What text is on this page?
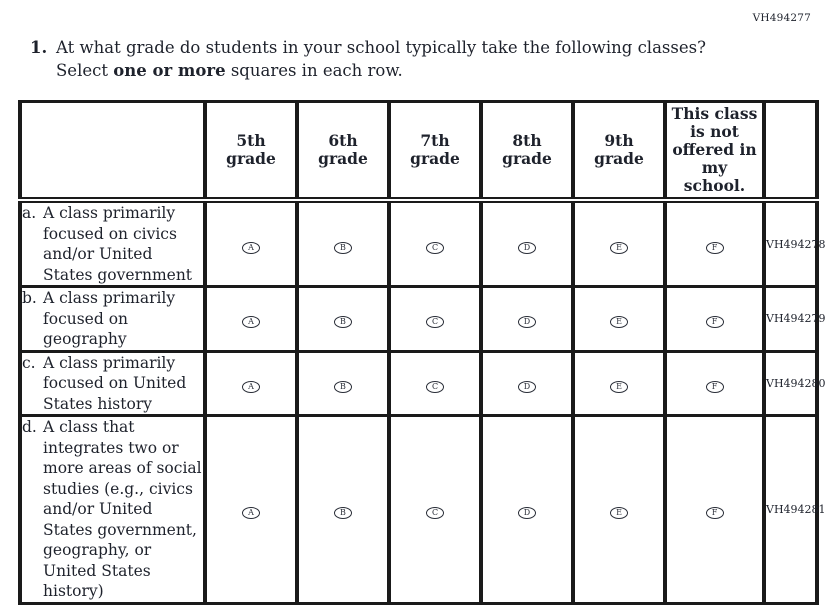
VH494277
1. At what grade do students in your school typically take the following classes? Select one or more squares in each row.
	5th grade	6th grade	7th grade	8th grade	9th grade	This class is not offered in my school.	

a. A class primarily focused on civics and/or United States government	A	B	C	D	E	F	VH494278

b. A class primarily focused on geography	A	B	C	D	E	F	VH494279

c. A class primarily focused on United States history	A	B	C	D	E	F	VH494280

d. A class that integrates two or more areas of social studies (e.g., civics and/or United States government, geography, or United States history)	A	B	C	D	E	F	VH494281
